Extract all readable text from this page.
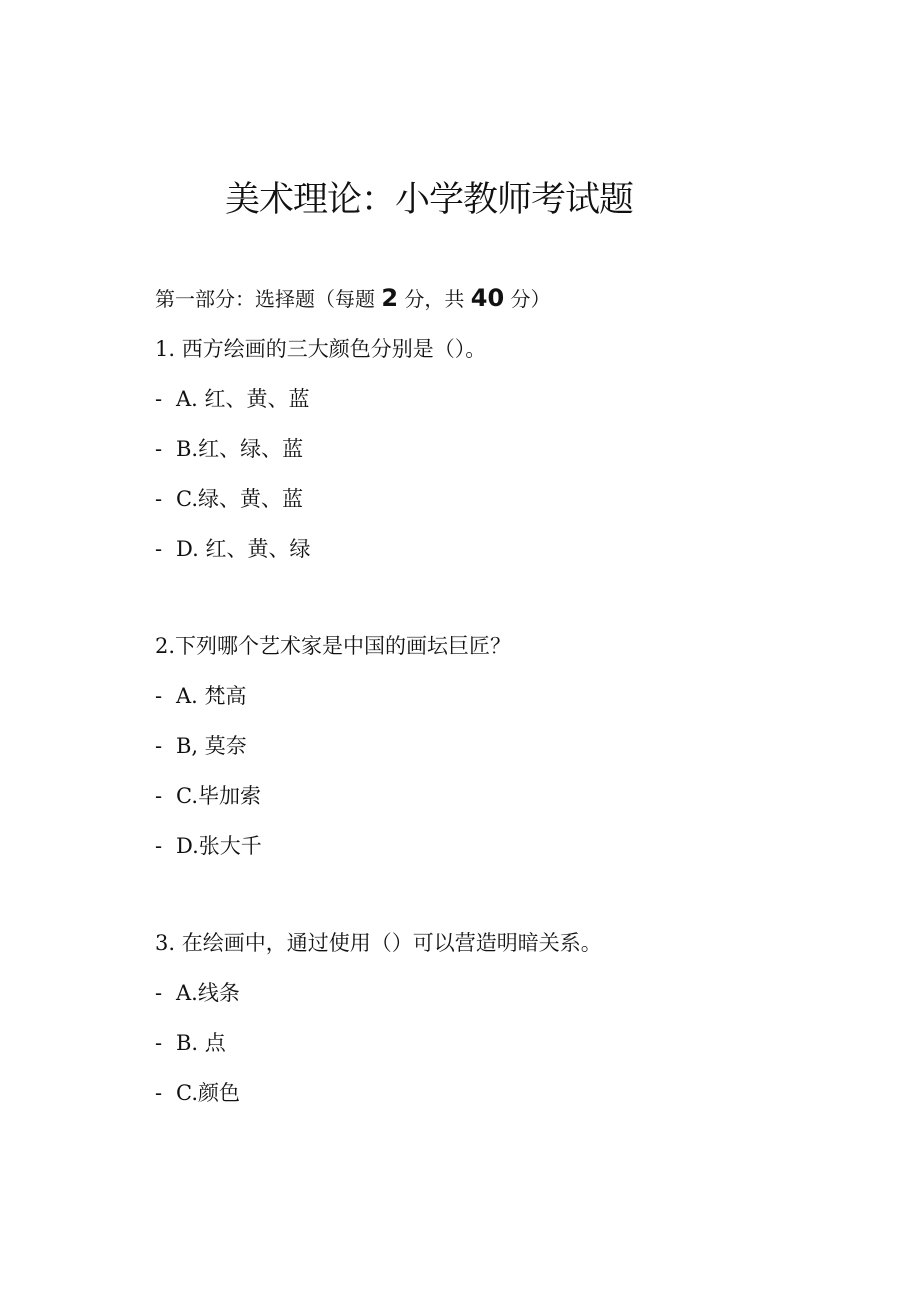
美术理论：小学教师考试题
第一部分：选择题（每题 2 分，共 40 分）
1. 西方绘画的三大颜色分别是（）。
- A. 红、黄、蓝
- B.红、绿、蓝
- C.绿、黄、蓝
- D. 红、黄、绿
2.下列哪个艺术家是中国的画坛巨匠？
- A. 梵高
- B, 莫奈
- C.毕加索
- D.张大千
3. 在绘画中，通过使用（）可以营造明暗关系。
- A.线条
- B. 点
- C.颜色
